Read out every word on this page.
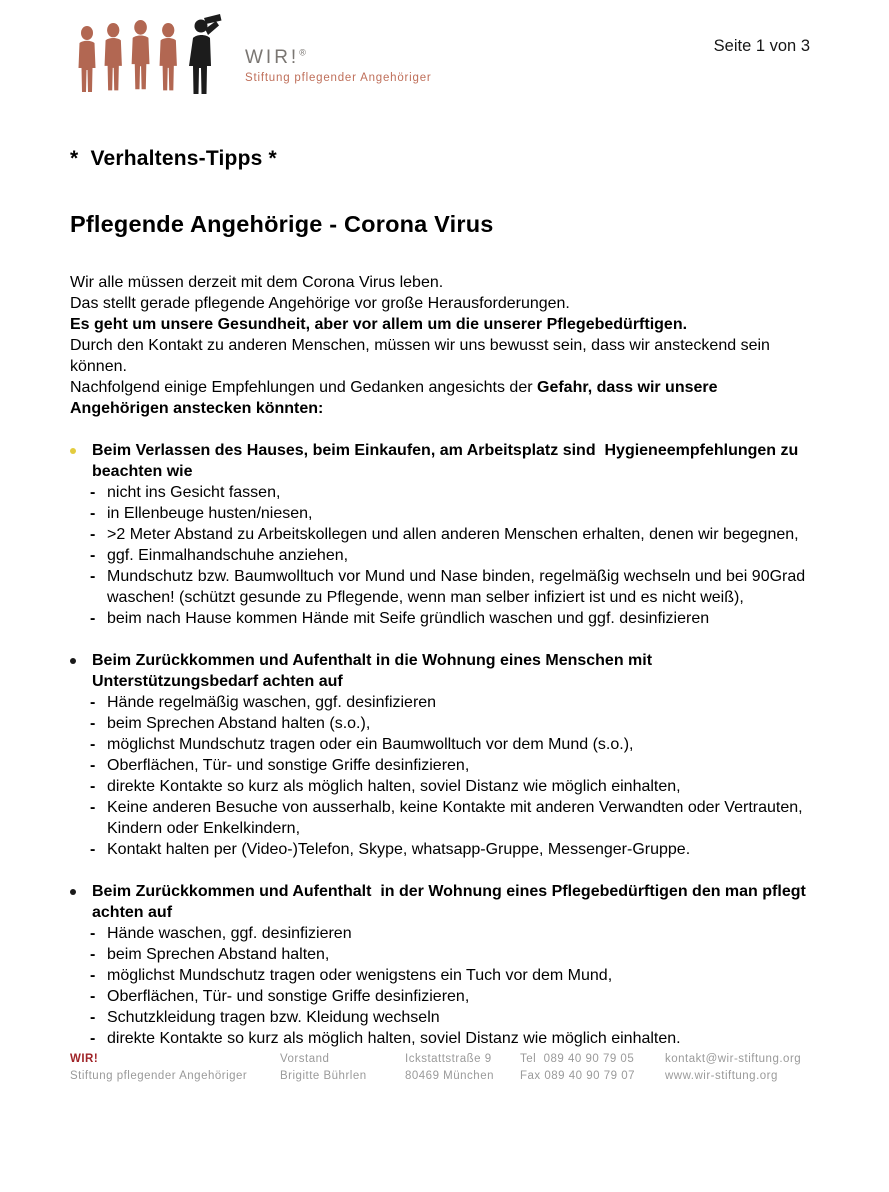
WIR!®
Stiftung pflegender Angehöriger
Seite 1 von 3
*  Verhaltens-Tipps *
Pflegende Angehörige - Corona Virus
Wir alle müssen derzeit mit dem Corona Virus leben.
Das stellt gerade pflegende Angehörige vor große Herausforderungen.
Es geht um unsere Gesundheit, aber vor allem um die unserer Pflegebedürftigen.
Durch den Kontakt zu anderen Menschen, müssen wir uns bewusst sein, dass wir ansteckend sein können.
Nachfolgend einige Empfehlungen und Gedanken angesichts der Gefahr, dass wir unsere Angehörigen anstecken könnten:
Beim Verlassen des Hauses, beim Einkaufen, am Arbeitsplatz sind  Hygieneempfehlungen zu beachten wie
-
nicht ins Gesicht fassen,
-
in Ellenbeuge husten/niesen,
-
>2 Meter Abstand zu Arbeitskollegen und allen anderen Menschen erhalten, denen wir begegnen,
-
ggf. Einmalhandschuhe anziehen,
-
Mundschutz bzw. Baumwolltuch vor Mund und Nase binden, regelmäßig wechseln und bei 90Grad waschen! (schützt gesunde zu Pflegende, wenn man selber infiziert ist und es nicht weiß),
-
beim nach Hause kommen Hände mit Seife gründlich waschen und ggf. desinfizieren
Beim Zurückkommen und Aufenthalt in die Wohnung eines Menschen mit Unterstützungsbedarf achten auf
-
Hände regelmäßig waschen, ggf. desinfizieren
-
beim Sprechen Abstand halten (s.o.),
-
möglichst Mundschutz tragen oder ein Baumwolltuch vor dem Mund (s.o.),
-
Oberflächen, Tür- und sonstige Griffe desinfizieren,
-
direkte Kontakte so kurz als möglich halten, soviel Distanz wie möglich einhalten,
-
Keine anderen Besuche von ausserhalb, keine Kontakte mit anderen Verwandten oder Vertrauten, Kindern oder Enkelkindern,
-
Kontakt halten per (Video-)Telefon, Skype, whatsapp-Gruppe, Messenger-Gruppe.
Beim Zurückkommen und Aufenthalt  in der Wohnung eines Pflegebedürftigen den man pflegt achten auf
-
Hände waschen, ggf. desinfizieren
-
beim Sprechen Abstand halten,
-
möglichst Mundschutz tragen oder wenigstens ein Tuch vor dem Mund,
-
Oberflächen, Tür- und sonstige Griffe desinfizieren,
-
Schutzkleidung tragen bzw. Kleidung wechseln
-
direkte Kontakte so kurz als möglich halten, soviel Distanz wie möglich einhalten.
WIR!
Stiftung pflegender Angehöriger
Vorstand
Brigitte Bührlen
Ickstattstraße 9
80469 München
Tel  089 40 90 79 05
Fax 089 40 90 79 07
kontakt@wir-stiftung.org
www.wir-stiftung.org
